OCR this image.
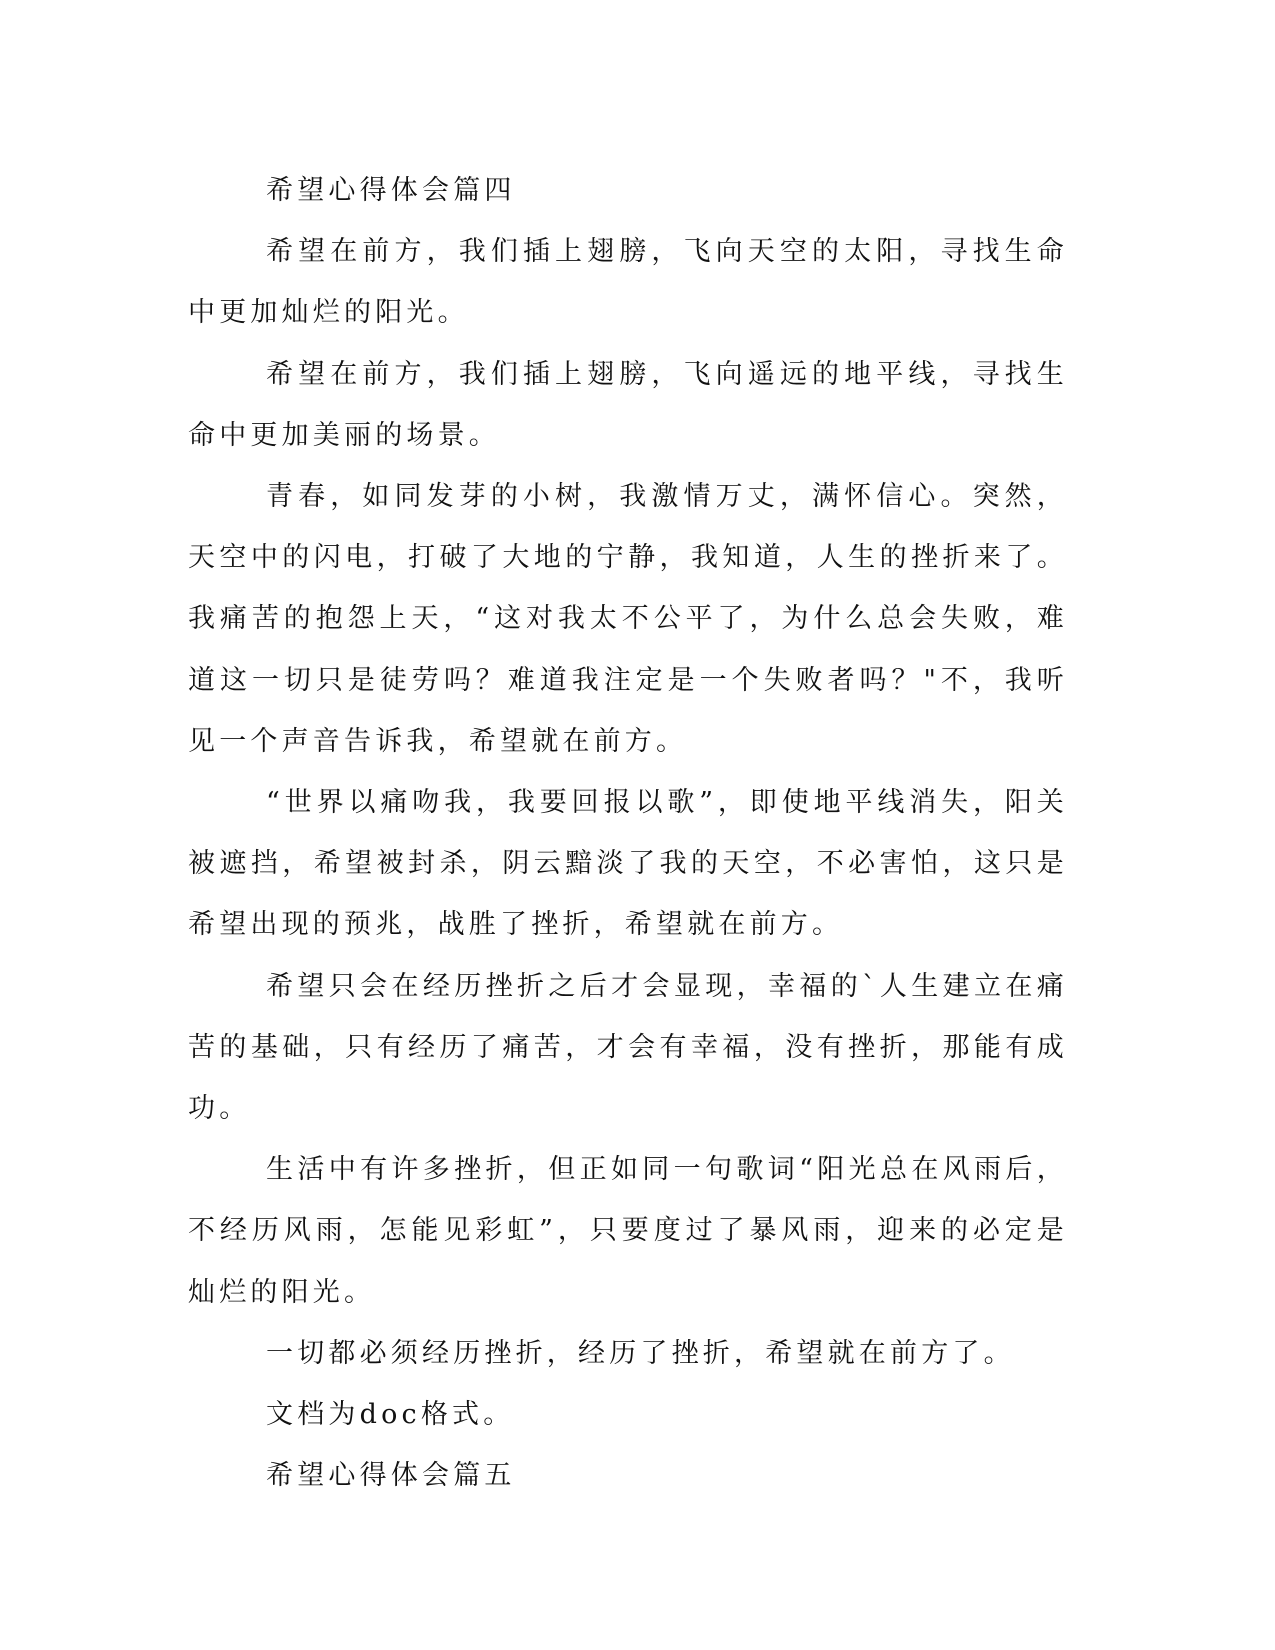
希望心得体会篇四

希望在前方，我们插上翅膀，飞向天空的太阳，寻找生命中更加灿烂的阳光。

希望在前方，我们插上翅膀，飞向遥远的地平线，寻找生命中更加美丽的场景。

青春，如同发芽的小树，我激情万丈，满怀信心。突然，天空中的闪电，打破了大地的宁静，我知道，人生的挫折来了。我痛苦的抱怨上天，“这对我太不公平了，为什么总会失败，难道这一切只是徒劳吗？难道我注定是一个失败者吗？"不，我听见一个声音告诉我，希望就在前方。

“世界以痛吻我，我要回报以歌”，即使地平线消失，阳关被遮挡，希望被封杀，阴云黯淡了我的天空，不必害怕，这只是希望出现的预兆，战胜了挫折，希望就在前方。

希望只会在经历挫折之后才会显现，幸福的`人生建立在痛苦的基础，只有经历了痛苦，才会有幸福，没有挫折，那能有成功。

生活中有许多挫折，但正如同一句歌词“阳光总在风雨后，不经历风雨，怎能见彩虹”，只要度过了暴风雨，迎来的必定是灿烂的阳光。

一切都必须经历挫折，经历了挫折，希望就在前方了。

文档为doc格式。

希望心得体会篇五
